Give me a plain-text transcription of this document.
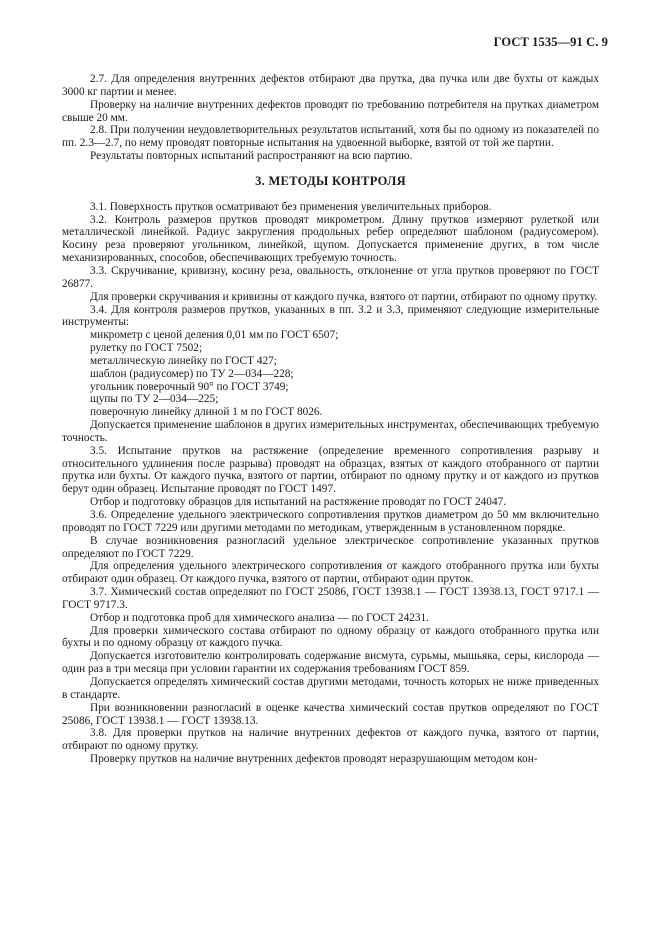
ГОСТ 1535—91 С. 9

2.7. Для определения внутренних дефектов отбирают два прутка, два пучка или две бухты от каждых 3000 кг партии и менее.

Проверку на наличие внутренних дефектов проводят по требованию потребителя на прутках диаметром свыше 20 мм.

2.8. При получении неудовлетворительных результатов испытаний, хотя бы по одному из показателей по пп. 2.3—2.7, по нему проводят повторные испытания на удвоенной выборке, взятой от той же партии.

Результаты повторных испытаний распространяют на всю партию.

3. МЕТОДЫ КОНТРОЛЯ

3.1. Поверхность прутков осматривают без применения увеличительных приборов.

3.2. Контроль размеров прутков проводят микрометром. Длину прутков измеряют рулеткой или металлической линейкой. Радиус закругления продольных ребер определяют шаблоном (радиусомером). Косину реза проверяют угольником, линейкой, щупом. Допускается применение других, в том числе механизированных, способов, обеспечивающих требуемую точность.

3.3. Скручивание, кривизну, косину реза, овальность, отклонение от угла прутков проверяют по ГОСТ 26877.

Для проверки скручивания и кривизны от каждого пучка, взятого от партии, отбирают по одному прутку.

3.4. Для контроля размеров прутков, указанных в пп. 3.2 и 3.3, применяют следующие измерительные инструменты:

микрометр с ценой деления 0,01 мм по ГОСТ 6507;

рулетку по ГОСТ 7502;

металлическую линейку по ГОСТ 427;

шаблон (радиусомер) по ТУ 2—034—228;

угольник поверочный 90° по ГОСТ 3749;

щупы по ТУ 2—034—225;

поверочную линейку длиной 1 м по ГОСТ 8026.

Допускается применение шаблонов в других измерительных инструментах, обеспечивающих требуемую точность.

3.5. Испытание прутков на растяжение (определение временного сопротивления разрыву и относительного удлинения после разрыва) проводят на образцах, взятых от каждого отобранного от партии прутка или бухты. От каждого пучка, взятого от партии, отбирают по одному прутку и от каждого из прутков берут один образец. Испытание проводят по ГОСТ 1497.

Отбор и подготовку образцов для испытаний на растяжение проводят по ГОСТ 24047.

3.6. Определение удельного электрического сопротивления прутков диаметром до 50 мм включительно проводят по ГОСТ 7229 или другими методами по методикам, утвержденным в установленном порядке.

В случае возникновения разногласий удельное электрическое сопротивление указанных прутков определяют по ГОСТ 7229.

Для определения удельного электрического сопротивления от каждого отобранного прутка или бухты отбирают один образец. От каждого пучка, взятого от партии, отбирают один пруток.

3.7. Химический состав определяют по ГОСТ 25086, ГОСТ 13938.1 — ГОСТ 13938.13, ГОСТ 9717.1 — ГОСТ 9717.3.

Отбор и подготовка проб для химического анализа — по ГОСТ 24231.

Для проверки химического состава отбирают по одному образцу от каждого отобранного прутка или бухты и по одному образцу от каждого пучка.

Допускается изготовителю контролировать содержание висмута, сурьмы, мышьяка, серы, кислорода — один раз в три месяца при условии гарантии их содержания требованиям ГОСТ 859.

Допускается определять химический состав другими методами, точность которых не ниже приведенных в стандарте.

При возникновении разногласий в оценке качества химический состав прутков определяют по ГОСТ 25086, ГОСТ 13938.1 — ГОСТ 13938.13.

3.8. Для проверки прутков на наличие внутренних дефектов от каждого пучка, взятого от партии, отбирают по одному прутку.

Проверку прутков на наличие внутренних дефектов проводят неразрушающим методом кон-
